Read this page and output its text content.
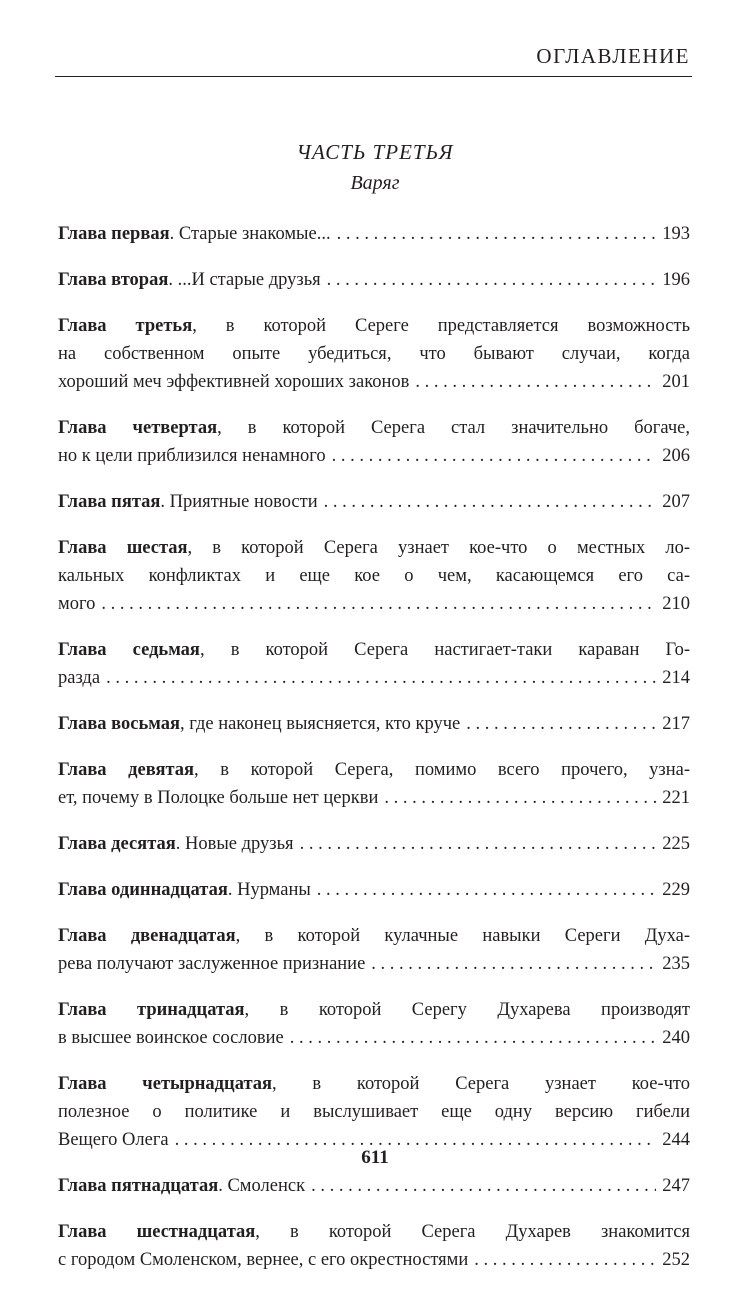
ОГЛАВЛЕНИЕ
ЧАСТЬ ТРЕТЬЯ
Варяг
Глава первая. Старые знакомые... . . .	193
Глава вторая. ...И старые друзья . . .	196
Глава третья, в которой Сереге представляется возможность
на собственном опыте убедиться, что бывают случаи, когда
хороший меч эффективней хороших законов . . .	201
Глава четвертая, в которой Серега стал значительно богаче,
но к цели приблизился ненамного . . .	206
Глава пятая. Приятные новости . . .	207
Глава шестая, в которой Серега узнает кое-что о местных ло-
кальных конфликтах и еще кое о чем, касающемся его са-
мого . . .	210
Глава седьмая, в которой Серега настигает-таки караван Го-
разда . . .	214
Глава восьмая, где наконец выясняется, кто круче . . .	217
Глава девятая, в которой Серега, помимо всего прочего, узна-
ет, почему в Полоцке больше нет церкви . . .	221
Глава десятая. Новые друзья . . .	225
Глава одиннадцатая. Нурманы . . .	229
Глава двенадцатая, в которой кулачные навыки Сереги Духа-
рева получают заслуженное признание . . .	235
Глава тринадцатая, в которой Серегу Духарева производят
в высшее воинское сословие . . .	240
Глава четырнадцатая, в которой Серега узнает кое-что
полезное о политике и выслушивает еще одну версию гибели
Вещего Олега . . .	244
Глава пятнадцатая. Смоленск . . .	247
Глава шестнадцатая, в которой Серега Духарев знакомится
с городом Смоленском, вернее, с его окрестностями . . .	252
611
